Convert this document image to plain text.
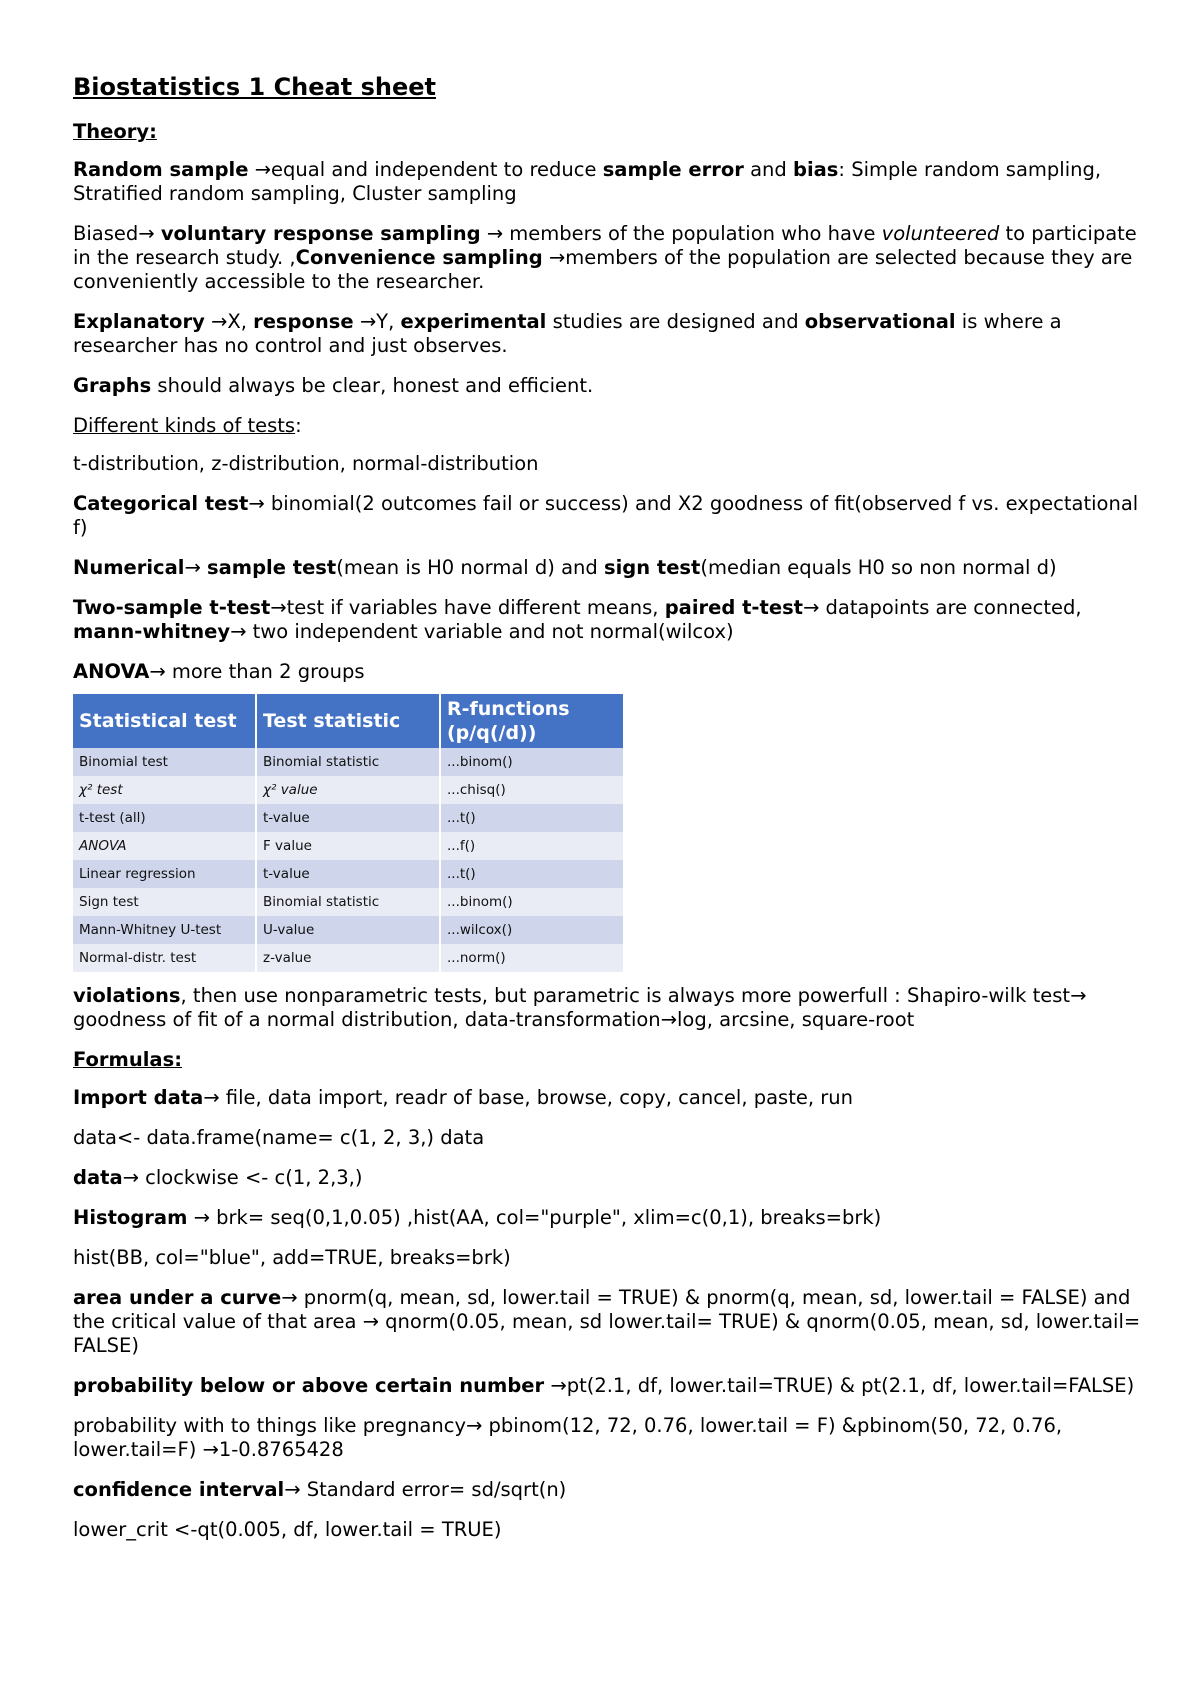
Biostatistics 1 Cheat sheet
Theory:

Random sample →equal and independent to reduce sample error and bias: Simple random sampling, Stratified random sampling, Cluster sampling

Biased→ voluntary response sampling → members of the population who have volunteered to participate in the research study. ,Convenience sampling →members of the population are selected because they are conveniently accessible to the researcher.

Explanatory →X, response →Y, experimental studies are designed and observational is where a researcher has no control and just observes.

Graphs should always be clear, honest and efficient.

Different kinds of tests:

t-distribution, z-distribution, normal-distribution

Categorical test→ binomial(2 outcomes fail or success) and X2 goodness of fit(observed f vs. expectational f)

Numerical→ sample test(mean is H0 normal d) and sign test(median equals H0 so non normal d)

Two-sample t-test→test if variables have different means, paired t-test→ datapoints are connected, mann-whitney→ two independent variable and not normal(wilcox)

ANOVA→ more than 2 groups

Statistical test	Test statistic	R-functions (p/q(/d))
Binomial test	Binomial statistic	...binom()
χ² test	χ² value	...chisq()
t-test (all)	t-value	...t()
ANOVA	F value	...f()
Linear regression	t-value	...t()
Sign test	Binomial statistic	...binom()
Mann-Whitney U-test	U-value	...wilcox()
Normal-distr. test	z-value	...norm()

violations, then use nonparametric tests, but parametric is always more powerfull : Shapiro-wilk test→ goodness of fit of a normal distribution, data-transformation→log, arcsine, square-root

Formulas:

Import data→ file, data import, readr of base, browse, copy, cancel, paste, run

data<- data.frame(name= c(1, 2, 3,) data

data→ clockwise <- c(1, 2,3,)

Histogram → brk= seq(0,1,0.05) ,hist(AA, col="purple", xlim=c(0,1), breaks=brk)

hist(BB, col="blue", add=TRUE, breaks=brk)

area under a curve→ pnorm(q, mean, sd, lower.tail = TRUE) & pnorm(q, mean, sd, lower.tail = FALSE) and the critical value of that area → qnorm(0.05, mean, sd lower.tail= TRUE) & qnorm(0.05, mean, sd, lower.tail= FALSE)

probability below or above certain number →pt(2.1, df, lower.tail=TRUE) & pt(2.1, df, lower.tail=FALSE)

probability with to things like pregnancy→ pbinom(12, 72, 0.76, lower.tail = F) &pbinom(50, 72, 0.76, lower.tail=F) →1-0.8765428

confidence interval→ Standard error= sd/sqrt(n)

lower_crit <-qt(0.005, df, lower.tail = TRUE)
